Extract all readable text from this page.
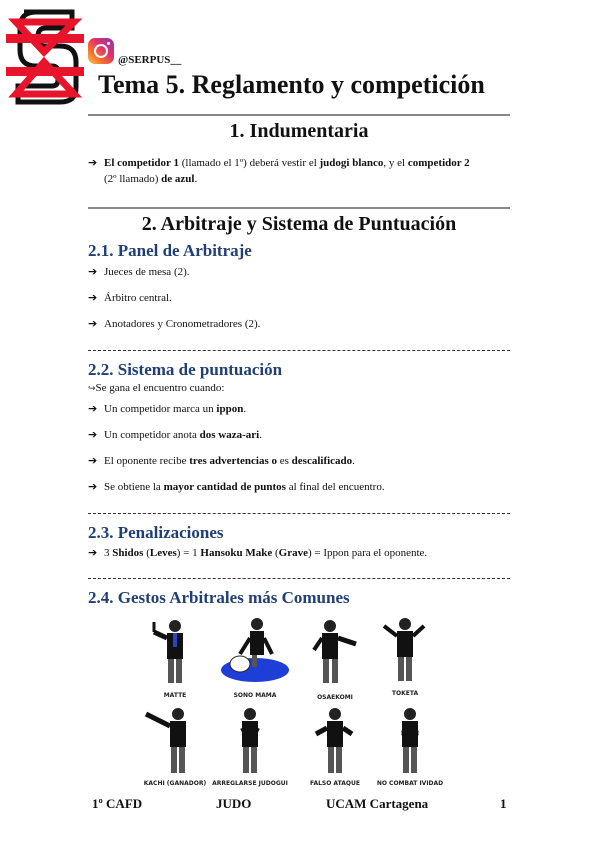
@SERPUS__
Tema 5. Reglamento y competición
1. Indumentaria
➔ El competidor 1 (llamado el 1º) deberá vestir el judogi blanco, y el competidor 2
(2º llamado) de azul.
2. Arbitraje y Sistema de Puntuación
2.1. Panel de Arbitraje
➔ Jueces de mesa (2).
➔ Árbitro central.
➔ Anotadores y Cronometradores (2).
2.2. Sistema de puntuación
↪Se gana el encuentro cuando:
➔ Un competidor marca un ippon.
➔ Un competidor anota dos waza-ari.
➔ El oponente recibe tres advertencias o es descalificado.
➔ Se obtiene la mayor cantidad de puntos al final del encuentro.
2.3. Penalizaciones
➔ 3 Shidos (Leves) = 1 Hansoku Make (Grave) = Ippon para el oponente.
2.4. Gestos Arbitrales más Comunes
MATTE	SONO MAMA	OSAEKOMI
TOKETA
KACHI (GANADOR) ARREGLARSE JUDOGUI	FALSO ATAQUE	NO COMBAT IVIDAD
1º CAFD	JUDO	UCAM Cartagena	1
